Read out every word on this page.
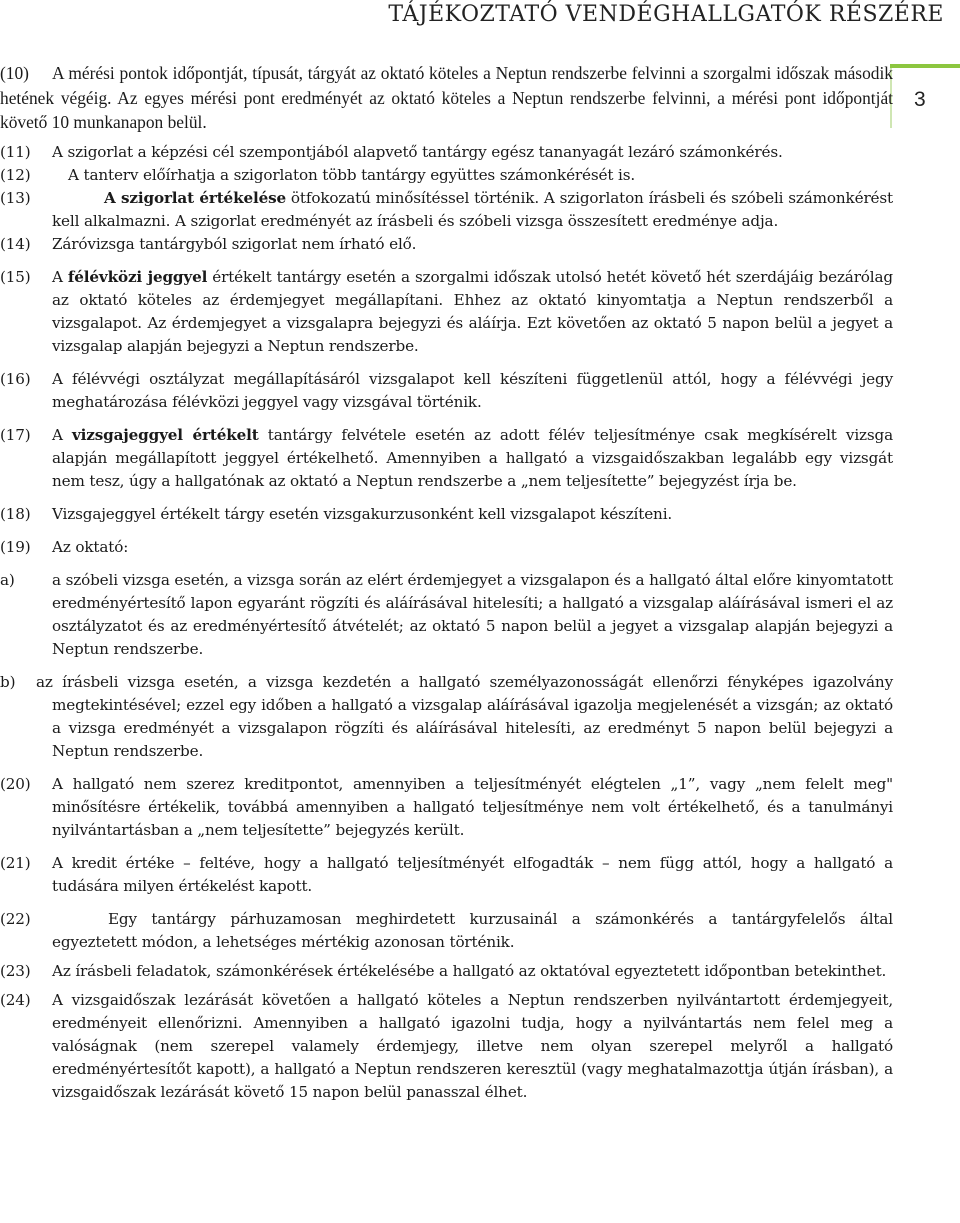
TÁJÉKOZTATÓ VENDÉGHALLGATÓK RÉSZÉRE
3
(10)	A mérési pontok időpontját, típusát, tárgyát az oktató köteles a Neptun rendszerbe felvinni a szorgalmi időszak második hetének végéig. Az egyes mérési pont eredményét az oktató köteles a Neptun rendszerbe felvinni, a mérési pont időpontját követő 10 munkanapon belül.
(11)	A szigorlat a képzési cél szempontjából alapvető tantárgy egész tananyagát lezáró számonkérés.
(12)	A tanterv előírhatja a szigorlaton több tantárgy együttes számonkérését is.
(13)	A szigorlat értékelése ötfokozatú minősítéssel történik. A szigorlaton írásbeli és szóbeli számonkérést kell alkalmazni. A szigorlat eredményét az írásbeli és szóbeli vizsga összesített eredménye adja.
(14)	Záróvizsga tantárgyból szigorlat nem írható elő.
(15)	A félévközi jeggyel értékelt tantárgy esetén a szorgalmi időszak utolsó hetét követő hét szerdájáig bezárólag az oktató köteles az érdemjegyet megállapítani. Ehhez az oktató kinyomtatja a Neptun rendszerből a vizsgalapot. Az érdemjegyet a vizsgalapra bejegyzi és aláírja. Ezt követően az oktató 5 napon belül a jegyet a vizsgalap alapján bejegyzi a Neptun rendszerbe.
(16)	A félévvégi osztályzat megállapításáról vizsgalapot kell készíteni függetlenül attól, hogy a félévvégi jegy meghatározása félévközi jeggyel vagy vizsgával történik.
(17)	A vizsgajeggyel értékelt tantárgy felvétele esetén az adott félév teljesítménye csak megkísérelt vizsga alapján megállapított jeggyel értékelhető. Amennyiben a hallgató a vizsgaidőszakban legalább egy vizsgát nem tesz, úgy a hallgatónak az oktató a Neptun rendszerbe a „nem teljesítette” bejegyzést írja be.
(18)	Vizsgajeggyel értékelt tárgy esetén vizsgakurzusonként kell vizsgalapot készíteni.
(19)	Az oktató:
a)	a szóbeli vizsga esetén, a vizsga során az elért érdemjegyet a vizsgalapon és a hallgató által előre kinyomtatott eredményértesítő lapon egyaránt rögzíti és aláírásával hitelesíti; a hallgató a vizsgalap aláírásával ismeri el az osztályzatot és az eredményértesítő átvételét; az oktató 5 napon belül a jegyet a vizsgalap alapján bejegyzi a Neptun rendszerbe.
b)	az írásbeli vizsga esetén, a vizsga kezdetén a hallgató személyazonosságát ellenőrzi fényképes igazolvány megtekintésével; ezzel egy időben a hallgató a vizsgalap aláírásával igazolja megjelenését a vizsgán; az oktató a vizsga eredményét a vizsgalapon rögzíti és aláírásával hitelesíti, az eredményt 5 napon belül bejegyzi a Neptun rendszerbe.
(20)	A hallgató nem szerez kreditpontot, amennyiben a teljesítményét elégtelen „1”, vagy „nem felelt meg" minősítésre értékelik, továbbá amennyiben a hallgató teljesítménye nem volt értékelhető, és a tanulmányi nyilvántartásban a „nem teljesítette” bejegyzés került.
(21)	A kredit értéke – feltéve, hogy a hallgató teljesítményét elfogadták – nem függ attól, hogy a hallgató a tudására milyen értékelést kapott.
(22)	Egy tantárgy párhuzamosan meghirdetett kurzusainál a számonkérés a tantárgyfelelős által egyeztetett módon, a lehetséges mértékig azonosan történik.
(23)	Az írásbeli feladatok, számonkérések értékelésébe a hallgató az oktatóval egyeztetett időpontban betekinthet.
(24)	A vizsgaidőszak lezárását követően a hallgató köteles a Neptun rendszerben nyilvántartott érdemjegyeit, eredményeit ellenőrizni. Amennyiben a hallgató igazolni tudja, hogy a nyilvántartás nem felel meg a valóságnak (nem szerepel valamely érdemjegy, illetve nem olyan szerepel melyről a hallgató eredményértesítőt kapott), a hallgató a Neptun rendszeren keresztül (vagy meghatalmazottja útján írásban), a vizsgaidőszak lezárását követő 15 napon belül panasszal élhet.
